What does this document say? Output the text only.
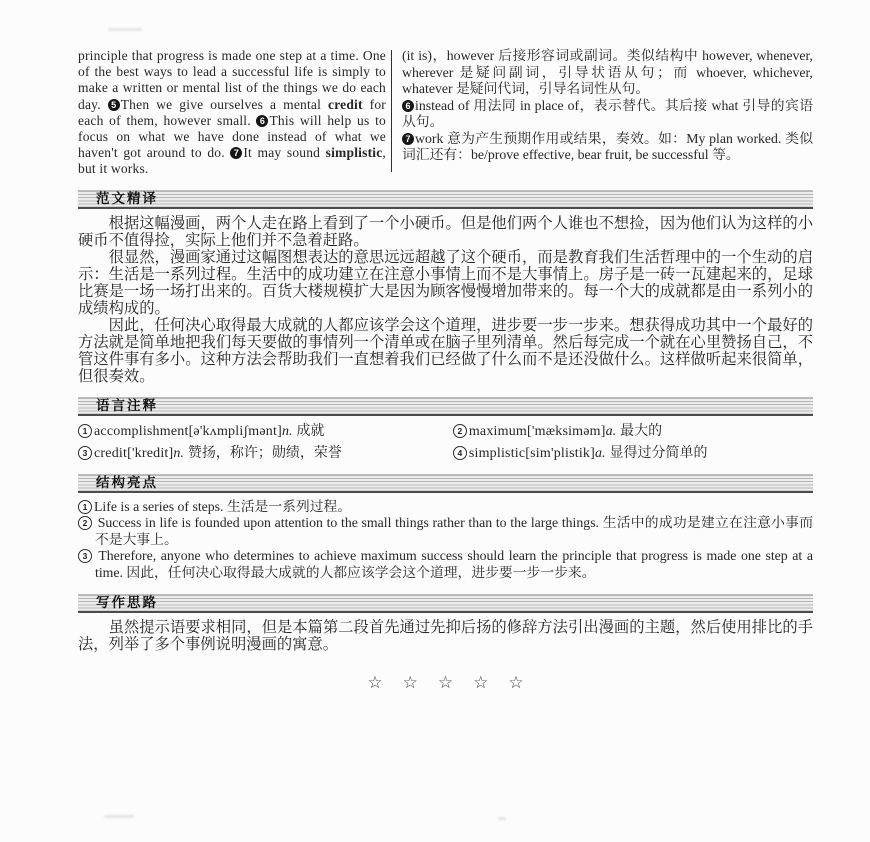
principle that progress is made one step at a time. One of the best ways to lead a successful life is simply to make a written or mental list of the things we do each day. 5 Then we give ourselves a mental credit for each of them, however small. 6 This will help us to focus on what we have done instead of what we haven't got around to do. 7 It may sound simplistic, but it works.

(it is)，however 后接形容词或副词。类似结构中 however, whenever, wherever 是疑问副词，引导状语从句；而 whoever, whichever, whatever 是疑问代词，引导名词性从句。

6 instead of 用法同 in place of，表示替代。其后接 what 引导的宾语从句。

7 work 意为产生预期作用或结果，奏效。如：My plan worked. 类似词汇还有：be/prove effective, bear fruit, be successful 等。

范文精译

根据这幅漫画，两个人走在路上看到了一个小硬币。但是他们两个人谁也不想捡，因为他们认为这样的小硬币不值得捡，实际上他们并不急着赶路。

很显然，漫画家通过这幅图想表达的意思远远超越了这个硬币，而是教育我们生活哲理中的一个生动的启示：生活是一系列过程。生活中的成功建立在注意小事情上而不是大事情上。房子是一砖一瓦建起来的，足球比赛是一场一场打出来的。百货大楼规模扩大是因为顾客慢慢增加带来的。每一个大的成就都是由一系列小的成绩构成的。

因此，任何决心取得最大成就的人都应该学会这个道理，进步要一步一步来。想获得成功其中一个最好的方法就是简单地把我们每天要做的事情列一个清单或在脑子里列清单。然后每完成一个就在心里赞扬自己，不管这件事有多小。这种方法会帮助我们一直想着我们已经做了什么而不是还没做什么。这样做听起来很简单，但很奏效。

语言注释
1 accomplishment[ə'kʌmpliʃmənt]n. 成就	2 maximum['mæksiməm]a. 最大的
3 credit['kredit]n. 赞扬，称许；勋绩，荣誉	4 simplistic[sim'plistik]a. 显得过分简单的
结构亮点
1 Life is a series of steps. 生活是一系列过程。
2 Success in life is founded upon attention to the small things rather than to the large things. 生活中的成功是建立在注意小事而不是大事上。
3 Therefore, anyone who determines to achieve maximum success should learn the principle that progress is made one step at a time. 因此，任何决心取得最大成就的人都应该学会这个道理，进步要一步一步来。
写作思路

虽然提示语要求相同，但是本篇第二段首先通过先抑后扬的修辞方法引出漫画的主题，然后使用排比的手法，列举了多个事例说明漫画的寓意。

☆ ☆ ☆ ☆ ☆
